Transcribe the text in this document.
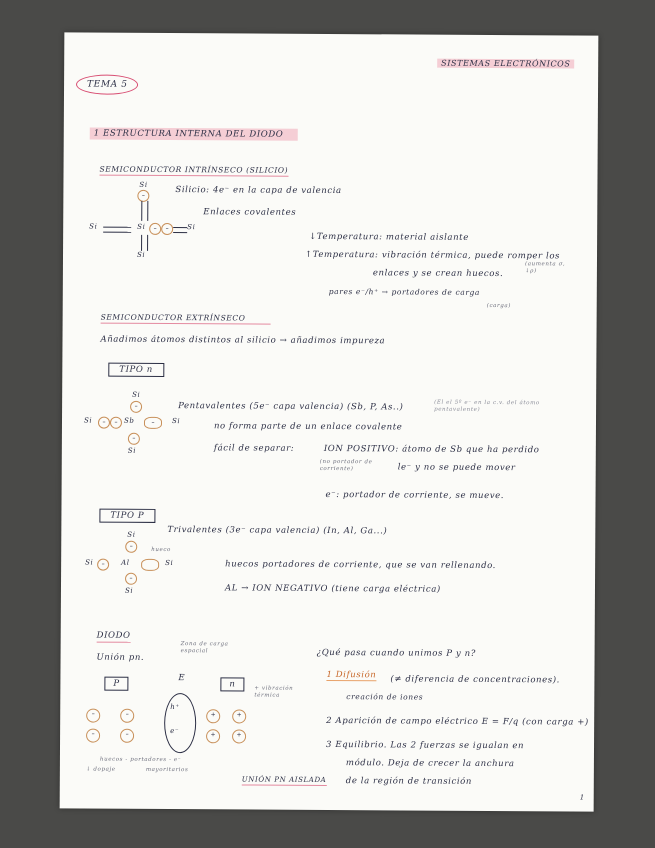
TEMA 5
SISTEMAS ELECTRÓNICOS
1 ESTRUCTURA INTERNA DEL DIODO
SEMICONDUCTOR INTRÍNSECO (SILICIO)
Si
–
Si	Si	–	–	Si
Si
Silicio: 4e⁻ en la capa de valencia
Enlaces covalentes
↓Temperatura: material aislante
↑Temperatura: vibración térmica, puede romper los
enlaces y se crean huecos.
(aumenta σ, ↓ρ)
pares e⁻/h⁺ → portadores de carga
(carga)
SEMICONDUCTOR EXTRÍNSECO
Añadimos átomos distintos al silicio → añadimos impureza
TIPO n
Si
–
Si	–	– Sb	–	Si
–
Si
Pentavalentes (5e⁻ capa valencia) (Sb, P, As..)	(El el 5º e⁻ en la c.v. del átomo pentavalente)
no forma parte de un enlace covalente
fácil de separar:	ION POSITIVO: átomo de Sb que ha perdido
(no portador de corriente)	le⁻ y no se puede mover
e⁻: portador de corriente, se mueve.
TIPO P
Si
–
Si	–	Al	Si
hueco
–
Si
Trivalentes (3e⁻ capa valencia) (In, Al, Ga...)
huecos portadores de corriente, que se van rellenando.
AL → ION NEGATIVO (tiene carga eléctrica)
DIODO
Unión pn.
Zona de carga espacial
P
E
n
–	–
–	–
+	+
+	+
h⁺
e⁻
huecos - portadores - e⁻
mayoritarios
↓ dopaje
+ vibración térmica
UNIÓN PN AISLADA
¿Qué pasa cuando unimos P y n?
1 Difusión (≠ diferencia de concentraciones).
creación de iones
2 Aparición de campo eléctrico E = F/q (con carga +)
3 Equilibrio. Las 2 fuerzas se igualan en
módulo. Deja de crecer la anchura
de la región de transición
1
